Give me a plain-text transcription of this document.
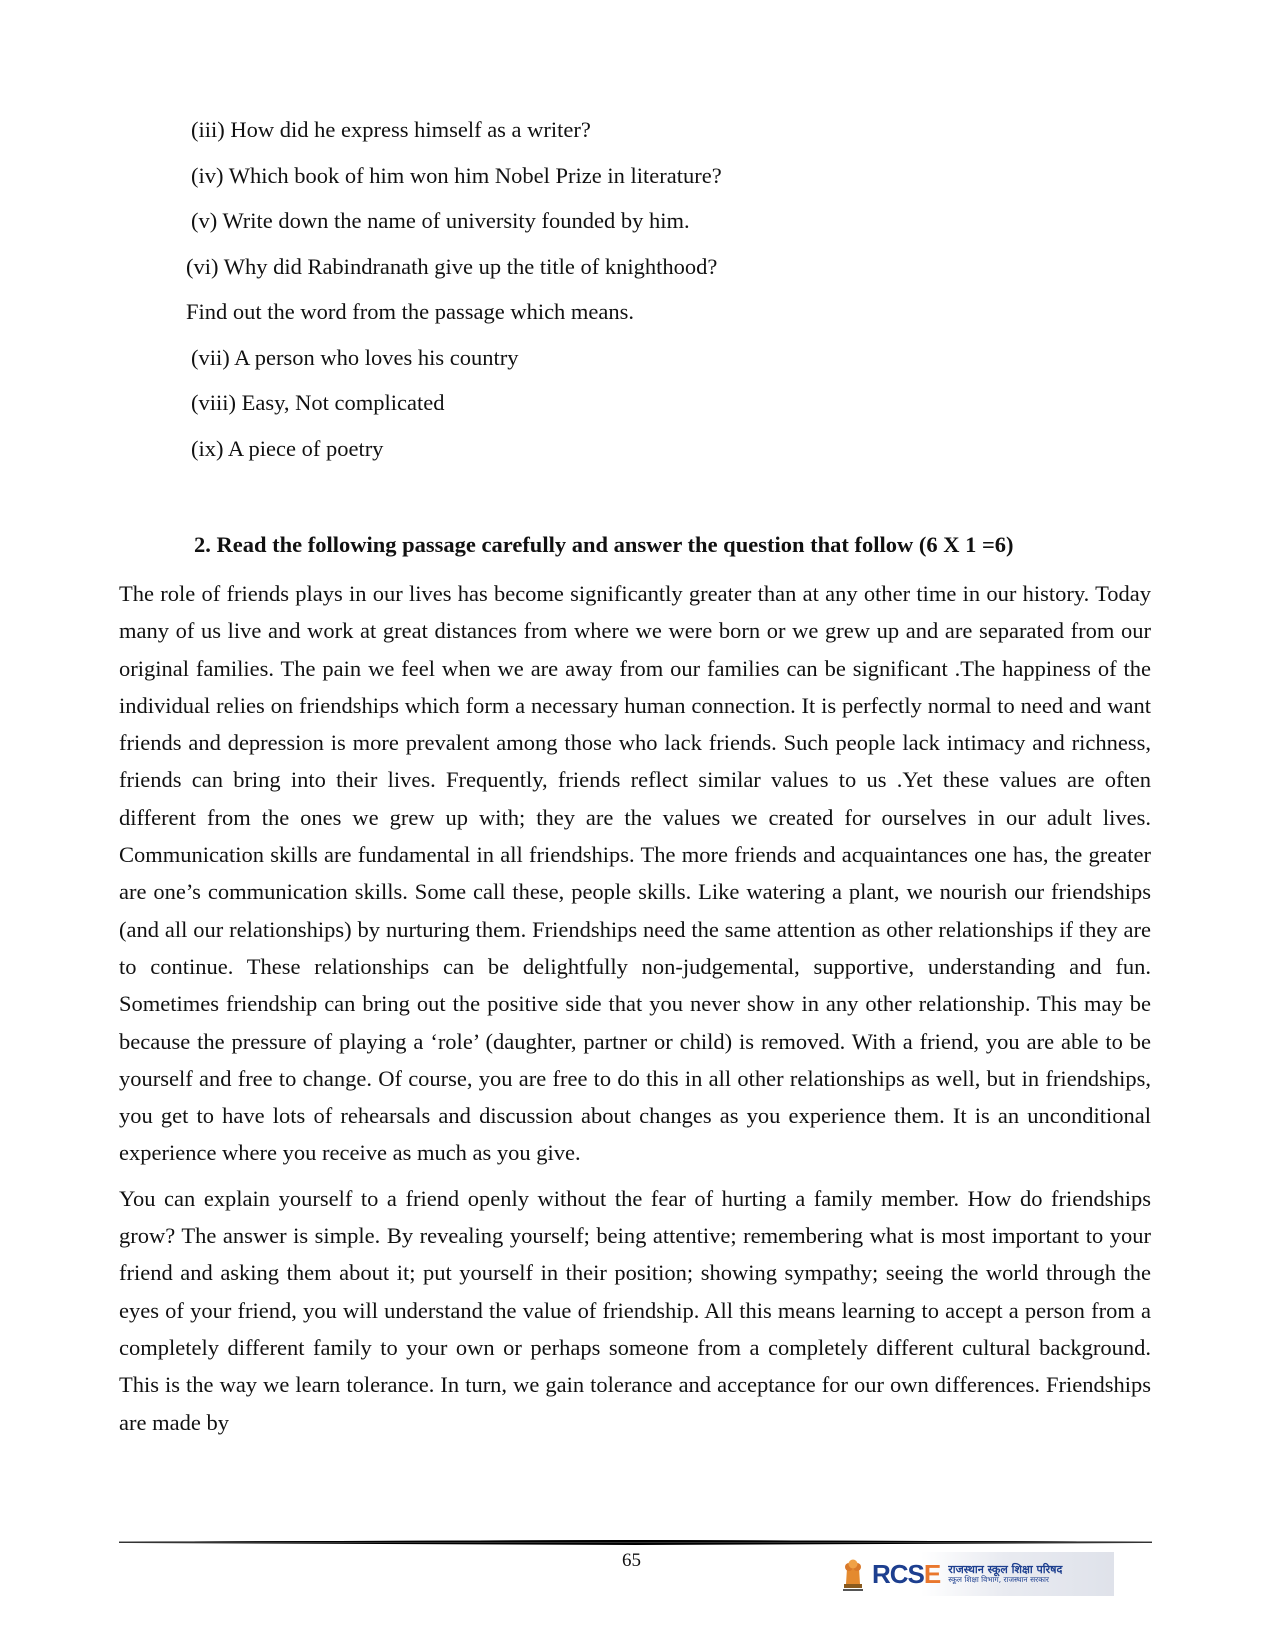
(iii) How did he express himself as a writer?
(iv) Which book of him won him Nobel Prize in literature?
(v) Write down the name of university founded by him.
(vi) Why did Rabindranath give up the title of knighthood?
Find out the word from the passage which means.
(vii) A person who loves his country
(viii) Easy, Not complicated
(ix) A piece of poetry
2. Read the following passage carefully and answer the question that follow (6 X 1 =6)

The role of friends plays in our lives has become significantly greater than at any other time in our history. Today many of us live and work at great distances from where we were born or we grew up and are separated from our original families. The pain we feel when we are away from our families can be significant .The happiness of the individual relies on friendships which form a necessary human connection. It is perfectly normal to need and want friends and depression is more prevalent among those who lack friends. Such people lack intimacy and richness, friends can bring into their lives. Frequently, friends reflect similar values to us .Yet these values are often different from the ones we grew up with; they are the values we created for ourselves in our adult lives. Communication skills are fundamental in all friendships. The more friends and acquaintances one has, the greater are one’s communication skills. Some call these, people skills. Like watering a plant, we nourish our friendships (and all our relationships) by nurturing them. Friendships need the same attention as other relationships if they are to continue. These relationships can be delightfully non-judgemental, supportive, understanding and fun. Sometimes friendship can bring out the positive side that you never show in any other relationship. This may be because the pressure of playing a ‘role’ (daughter, partner or child) is removed. With a friend, you are able to be yourself and free to change. Of course, you are free to do this in all other relationships as well, but in friendships, you get to have lots of rehearsals and discussion about changes as you experience them. It is an unconditional experience where you receive as much as you give.

You can explain yourself to a friend openly without the fear of hurting a family member. How do friendships grow? The answer is simple. By revealing yourself; being attentive; remembering what is most important to your friend and asking them about it; put yourself in their position; showing sympathy; seeing the world through the eyes of your friend, you will understand the value of friendship. All this means learning to accept a person from a completely different family to your own or perhaps someone from a completely different cultural background. This is the way we learn tolerance. In turn, we gain tolerance and acceptance for our own differences. Friendships are made by

65	RCSE राजस्थान स्कूल शिक्षा परिषद
स्कूल शिक्षा विभाग, राजस्थान सरकार
